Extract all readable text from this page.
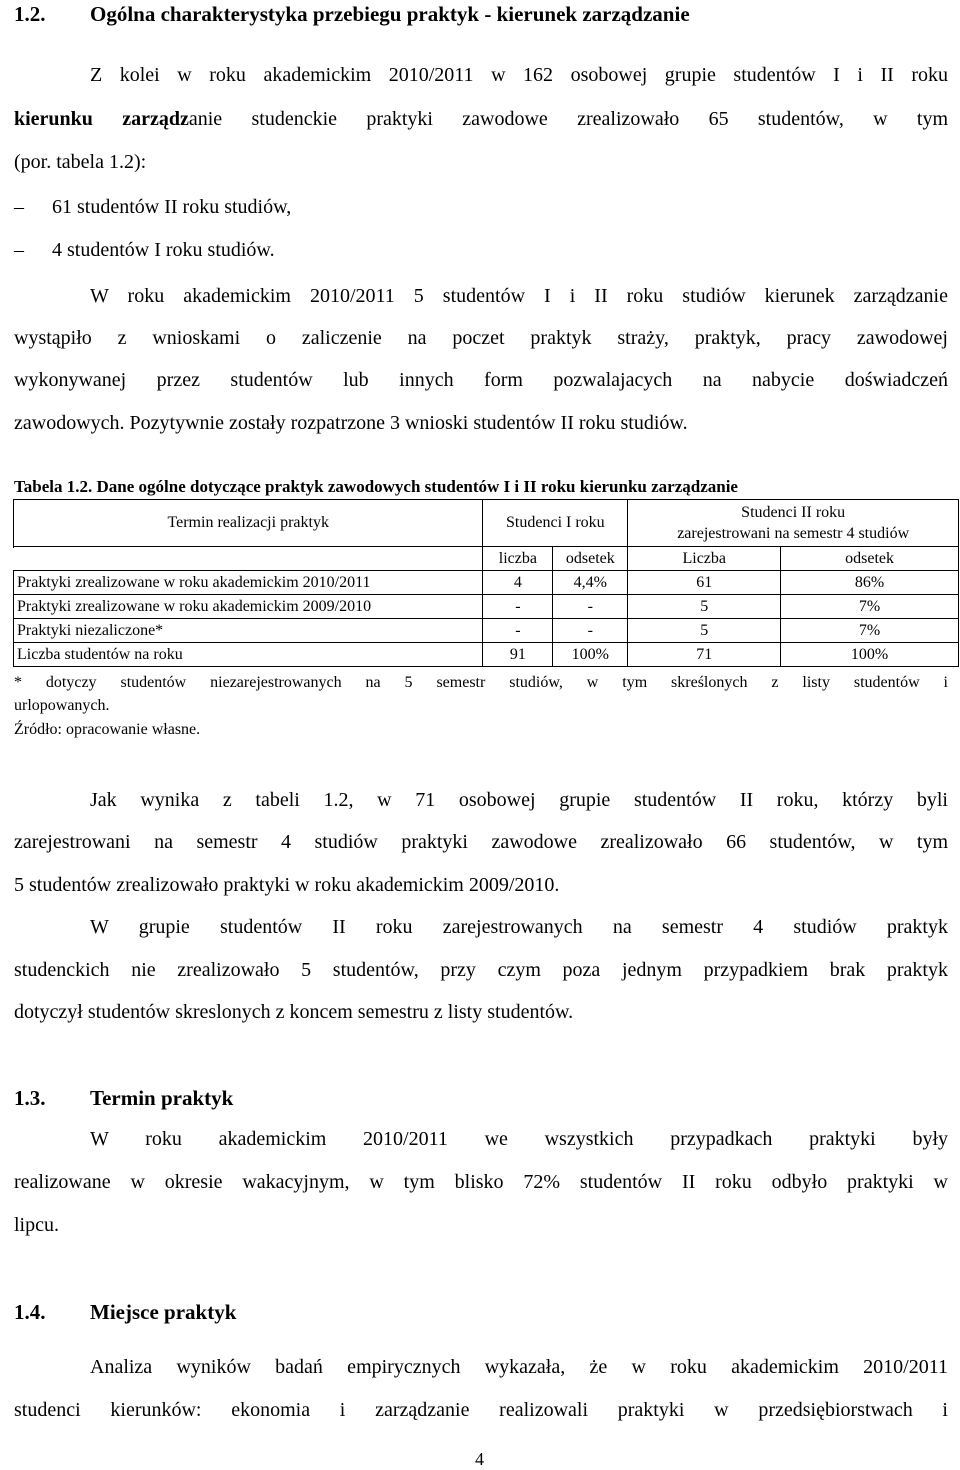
1.2. Ogólna charakterystyka przebiegu praktyk - kierunek zarządzanie
Z kolei w roku akademickim 2010/2011 w 162 osobowej grupie studentów I i II roku
kierunku zarządzanie studenckie praktyki zawodowe zrealizowało 65 studentów, w tym
(por. tabela 1.2):
– 61 studentów II roku studiów,
– 4 studentów I roku studiów.
W roku akademickim 2010/2011 5 studentów I i II roku studiów kierunek zarządzanie
wystąpiło z wnioskami o zaliczenie na poczet praktyk straży, praktyk, pracy zawodowej
wykonywanej przez studentów lub innych form pozwalajacych na nabycie doświadczeń
zawodowych. Pozytywnie zostały rozpatrzone 3 wnioski studentów II roku studiów.
Tabela 1.2. Dane ogólne dotyczące praktyk zawodowych studentów I i II roku kierunku zarządzanie
Termin realizacji praktyk	Studenci I roku		Studenci II roku
zarejestrowani na semestr 4 studiów	

	liczba	odsetek	Liczba	odsetek
Praktyki zrealizowane w roku akademickim 2010/2011	4	4,4%	61	86%
Praktyki zrealizowane w roku akademickim 2009/2010	-	-	5	7%
Praktyki niezaliczone*	-	-	5	7%
Liczba studentów na roku	91	100%	71	100%
* dotyczy studentów niezarejestrowanych na 5 semestr studiów, w tym skreślonych z listy studentów i
urlopowanych.
Źródło: opracowanie własne.
Jak wynika z tabeli 1.2, w 71 osobowej grupie studentów II roku, którzy byli
zarejestrowani na semestr 4 studiów praktyki zawodowe zrealizowało 66 studentów, w tym
5 studentów zrealizowało praktyki w roku akademickim 2009/2010.
W grupie studentów II roku zarejestrowanych na semestr 4 studiów praktyk
studenckich nie zrealizowało 5 studentów, przy czym poza jednym przypadkiem brak praktyk
dotyczył studentów skreslonych z koncem semestru z listy studentów.
1.3. Termin praktyk
W roku akademickim 2010/2011 we wszystkich przypadkach praktyki były
realizowane w okresie wakacyjnym, w tym blisko 72% studentów II roku odbyło praktyki w
lipcu.
1.4. Miejsce praktyk
Analiza wyników badań empirycznych wykazała, że w roku akademickim 2010/2011
studenci kierunków: ekonomia i zarządzanie realizowali praktyki w przedsiębiorstwach i
4
